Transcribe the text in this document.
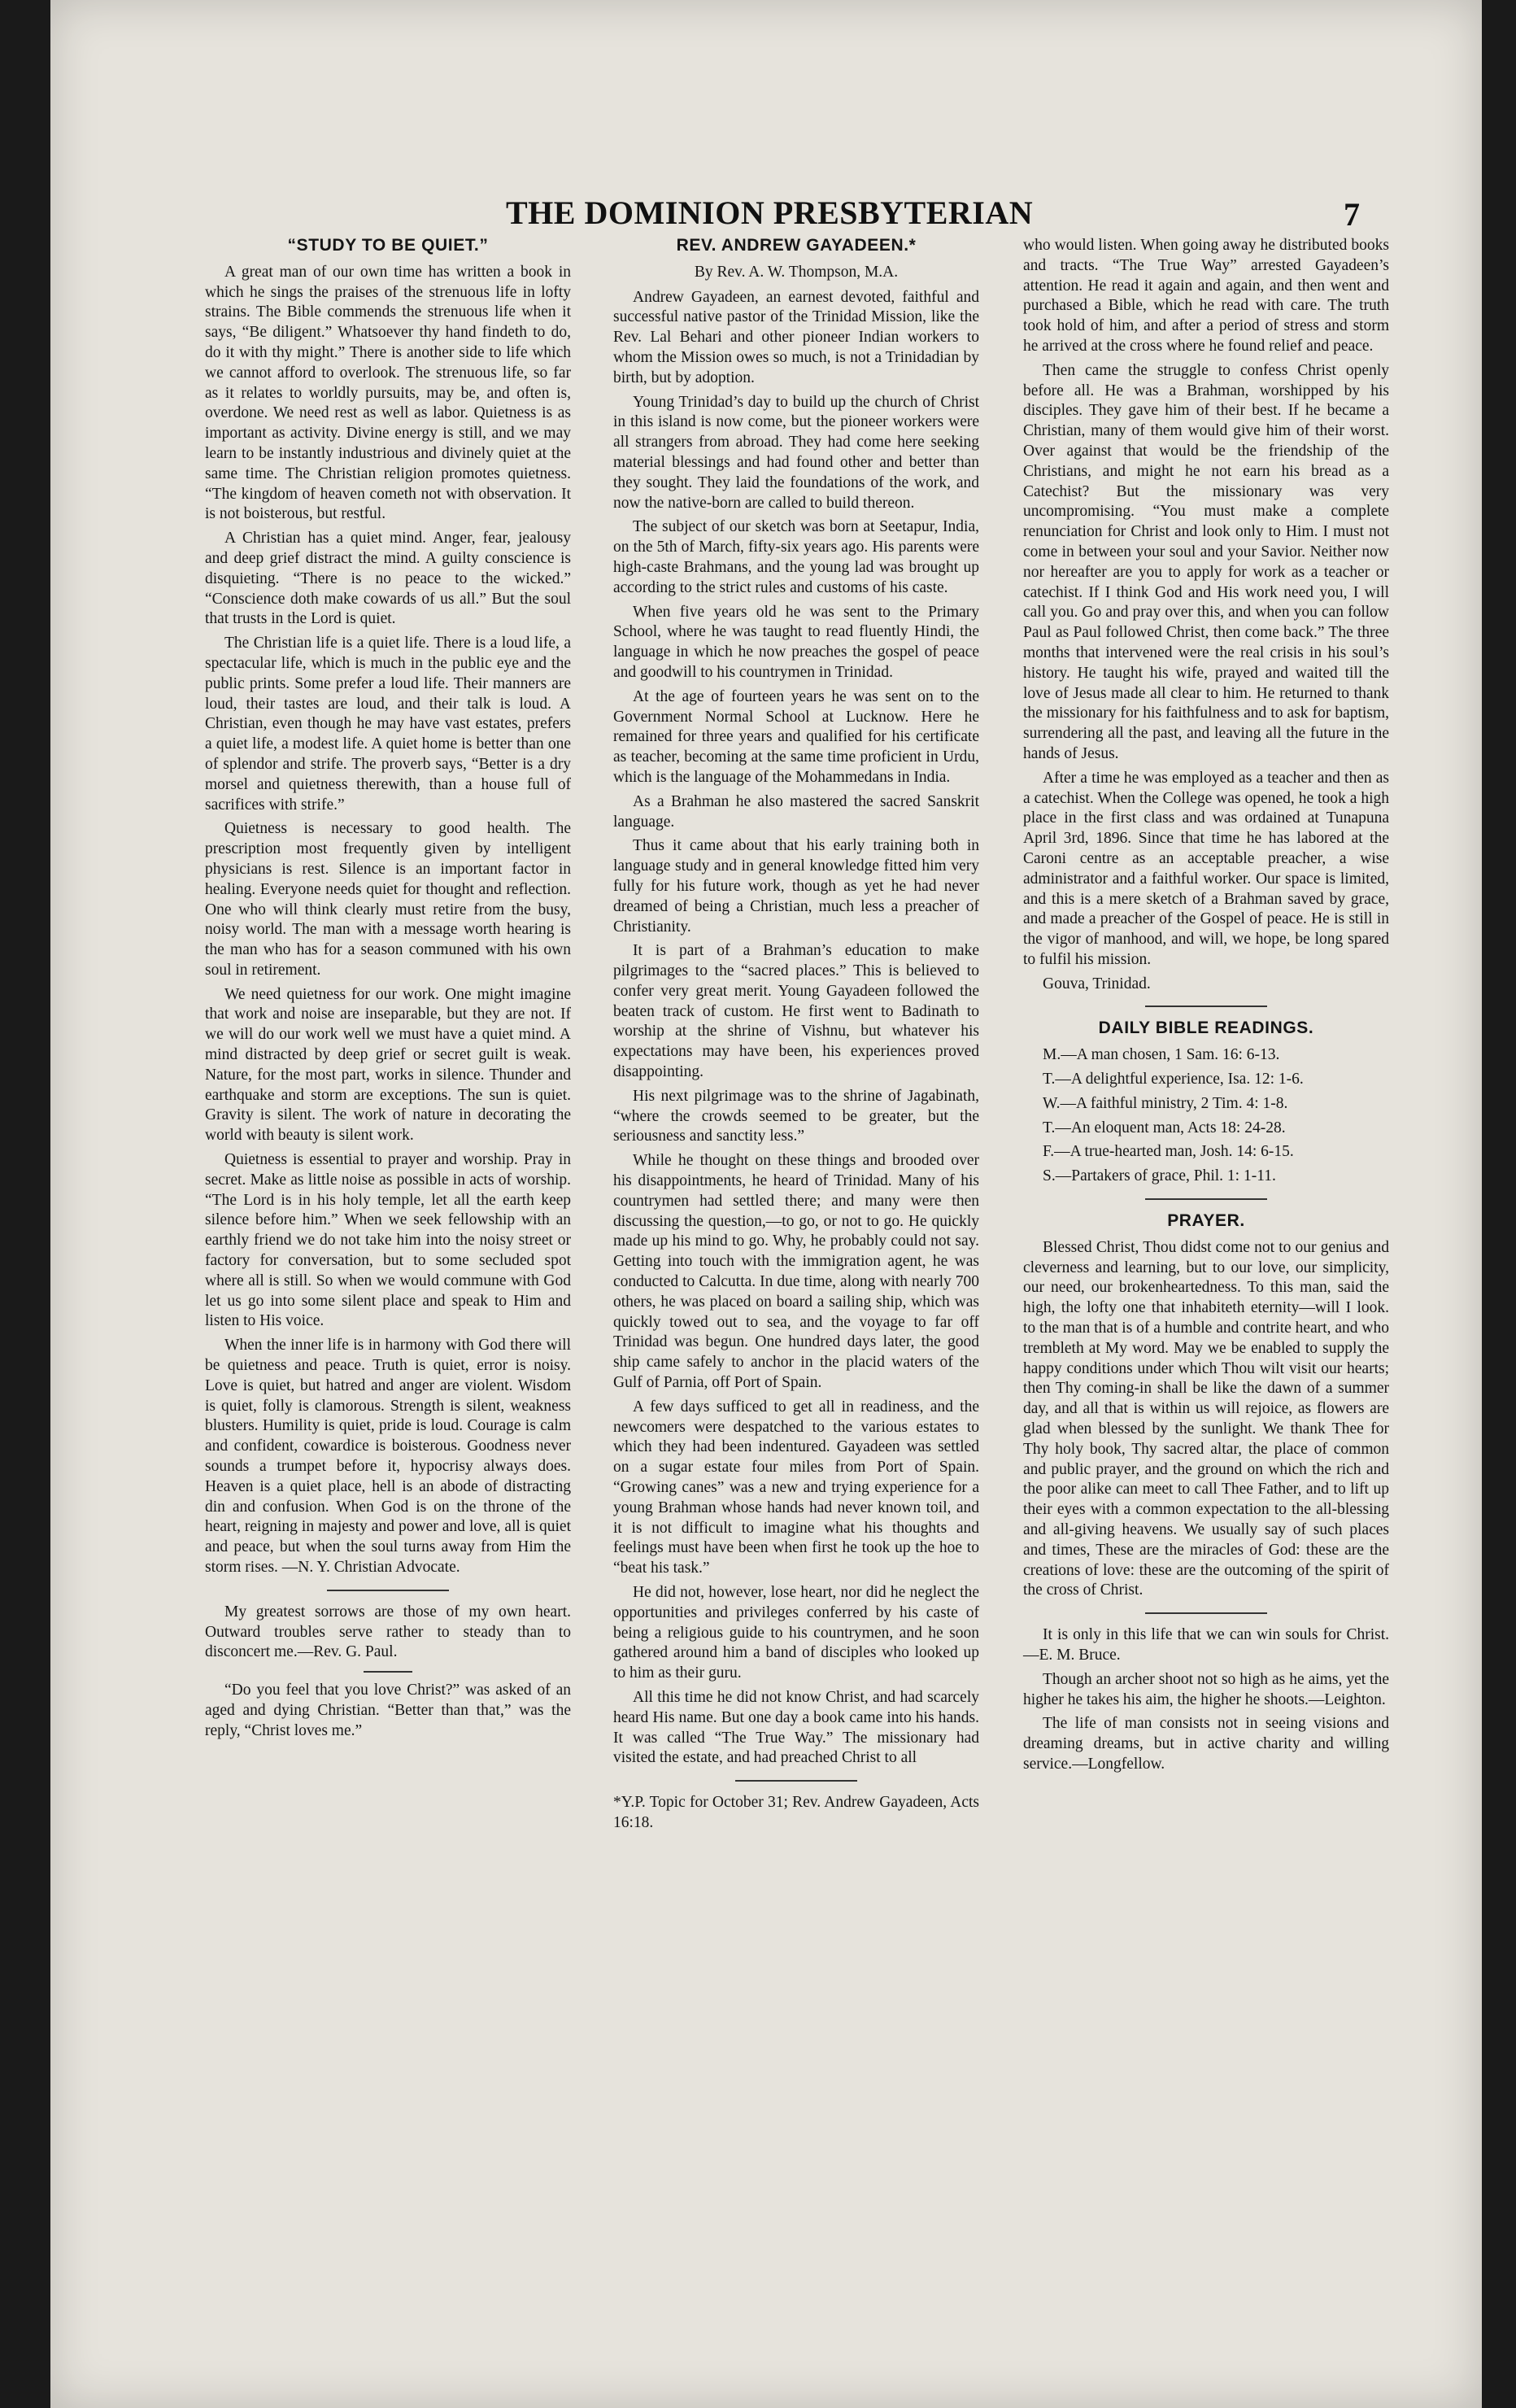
THE DOMINION PRESBYTERIAN	7
“STUDY TO BE QUIET.”

A great man of our own time has written a book in which he sings the praises of the strenuous life in lofty strains. The Bible commends the strenuous life when it says, “Be diligent.” Whatsoever thy hand findeth to do, do it with thy might.” There is another side to life which we cannot afford to overlook. The strenuous life, so far as it relates to worldly pursuits, may be, and often is, overdone. We need rest as well as labor. Quietness is as important as activity. Divine energy is still, and we may learn to be instantly industrious and divinely quiet at the same time. The Christian religion promotes quietness. “The kingdom of heaven cometh not with observation. It is not boisterous, but restful.

A Christian has a quiet mind. Anger, fear, jealousy and deep grief distract the mind. A guilty conscience is disquieting. “There is no peace to the wicked.” “Conscience doth make cowards of us all.” But the soul that trusts in the Lord is quiet.

The Christian life is a quiet life. There is a loud life, a spectacular life, which is much in the public eye and the public prints. Some prefer a loud life. Their manners are loud, their tastes are loud, and their talk is loud. A Christian, even though he may have vast estates, prefers a quiet life, a modest life. A quiet home is better than one of splendor and strife. The proverb says, “Better is a dry morsel and quietness therewith, than a house full of sacrifices with strife.”

Quietness is necessary to good health. The prescription most frequently given by intelligent physicians is rest. Silence is an important factor in healing. Everyone needs quiet for thought and reflection. One who will think clearly must retire from the busy, noisy world. The man with a message worth hearing is the man who has for a season communed with his own soul in retirement.

We need quietness for our work. One might imagine that work and noise are inseparable, but they are not. If we will do our work well we must have a quiet mind. A mind distracted by deep grief or secret guilt is weak. Nature, for the most part, works in silence. Thunder and earthquake and storm are exceptions. The sun is quiet. Gravity is silent. The work of nature in decorating the world with beauty is silent work.

Quietness is essential to prayer and worship. Pray in secret. Make as little noise as possible in acts of worship. “The Lord is in his holy temple, let all the earth keep silence before him.” When we seek fellowship with an earthly friend we do not take him into the noisy street or factory for conversation, but to some secluded spot where all is still. So when we would commune with God let us go into some silent place and speak to Him and listen to His voice.

When the inner life is in harmony with God there will be quietness and peace. Truth is quiet, error is noisy. Love is quiet, but hatred and anger are violent. Wisdom is quiet, folly is clamorous. Strength is silent, weakness blusters. Humility is quiet, pride is loud. Courage is calm and confident, cowardice is boisterous. Goodness never sounds a trumpet before it, hypocrisy always does. Heaven is a quiet place, hell is an abode of distracting din and confusion. When God is on the throne of the heart, reigning in majesty and power and love, all is quiet and peace, but when the soul turns away from Him the storm rises. —N. Y. Christian Advocate.

My greatest sorrows are those of my own heart. Outward troubles serve rather to steady than to disconcert me.—Rev. G. Paul.

“Do you feel that you love Christ?” was asked of an aged and dying Christian. “Better than that,” was the reply, “Christ loves me.”

REV. ANDREW GAYADEEN.*

By Rev. A. W. Thompson, M.A.

Andrew Gayadeen, an earnest devoted, faithful and successful native pastor of the Trinidad Mission, like the Rev. Lal Behari and other pioneer Indian workers to whom the Mission owes so much, is not a Trinidadian by birth, but by adoption.

Young Trinidad’s day to build up the church of Christ in this island is now come, but the pioneer workers were all strangers from abroad. They had come here seeking material blessings and had found other and better than they sought. They laid the foundations of the work, and now the native-born are called to build thereon.

The subject of our sketch was born at Seetapur, India, on the 5th of March, fifty-six years ago. His parents were high-caste Brahmans, and the young lad was brought up according to the strict rules and customs of his caste.

When five years old he was sent to the Primary School, where he was taught to read fluently Hindi, the language in which he now preaches the gospel of peace and goodwill to his countrymen in Trinidad.

At the age of fourteen years he was sent on to the Government Normal School at Lucknow. Here he remained for three years and qualified for his certificate as teacher, becoming at the same time proficient in Urdu, which is the language of the Mohammedans in India.

As a Brahman he also mastered the sacred Sanskrit language.

Thus it came about that his early training both in language study and in general knowledge fitted him very fully for his future work, though as yet he had never dreamed of being a Christian, much less a preacher of Christianity.

It is part of a Brahman’s education to make pilgrimages to the “sacred places.” This is believed to confer very great merit. Young Gayadeen followed the beaten track of custom. He first went to Badinath to worship at the shrine of Vishnu, but whatever his expectations may have been, his experiences proved disappointing.

His next pilgrimage was to the shrine of Jagabinath, “where the crowds seemed to be greater, but the seriousness and sanctity less.”

While he thought on these things and brooded over his disappointments, he heard of Trinidad. Many of his countrymen had settled there; and many were then discussing the question,—to go, or not to go. He quickly made up his mind to go. Why, he probably could not say. Getting into touch with the immigration agent, he was conducted to Calcutta. In due time, along with nearly 700 others, he was placed on board a sailing ship, which was quickly towed out to sea, and the voyage to far off Trinidad was begun. One hundred days later, the good ship came safely to anchor in the placid waters of the Gulf of Parnia, off Port of Spain.

A few days sufficed to get all in readiness, and the newcomers were despatched to the various estates to which they had been indentured. Gayadeen was settled on a sugar estate four miles from Port of Spain. “Growing canes” was a new and trying experience for a young Brahman whose hands had never known toil, and it is not difficult to imagine what his thoughts and feelings must have been when first he took up the hoe to “beat his task.”

He did not, however, lose heart, nor did he neglect the opportunities and privileges conferred by his caste of being a religious guide to his countrymen, and he soon gathered around him a band of disciples who looked up to him as their guru.

All this time he did not know Christ, and had scarcely heard His name. But one day a book came into his hands. It was called “The True Way.” The missionary had visited the estate, and had preached Christ to all

*Y.P. Topic for October 31; Rev. Andrew Gayadeen, Acts 16:18.

who would listen. When going away he distributed books and tracts. “The True Way” arrested Gayadeen’s attention. He read it again and again, and then went and purchased a Bible, which he read with care. The truth took hold of him, and after a period of stress and storm he arrived at the cross where he found relief and peace.

Then came the struggle to confess Christ openly before all. He was a Brahman, worshipped by his disciples. They gave him of their best. If he became a Christian, many of them would give him of their worst. Over against that would be the friendship of the Christians, and might he not earn his bread as a Catechist? But the missionary was very uncompromising. “You must make a complete renunciation for Christ and look only to Him. I must not come in between your soul and your Savior. Neither now nor hereafter are you to apply for work as a teacher or catechist. If I think God and His work need you, I will call you. Go and pray over this, and when you can follow Paul as Paul followed Christ, then come back.” The three months that intervened were the real crisis in his soul’s history. He taught his wife, prayed and waited till the love of Jesus made all clear to him. He returned to thank the missionary for his faithfulness and to ask for baptism, surrendering all the past, and leaving all the future in the hands of Jesus.

After a time he was employed as a teacher and then as a catechist. When the College was opened, he took a high place in the first class and was ordained at Tunapuna April 3rd, 1896. Since that time he has labored at the Caroni centre as an acceptable preacher, a wise administrator and a faithful worker. Our space is limited, and this is a mere sketch of a Brahman saved by grace, and made a preacher of the Gospel of peace. He is still in the vigor of manhood, and will, we hope, be long spared to fulfil his mission.

Gouva, Trinidad.

DAILY BIBLE READINGS.

M.—A man chosen, 1 Sam. 16: 6-13.

T.—A delightful experience, Isa. 12: 1-6.

W.—A faithful ministry, 2 Tim. 4: 1-8.

T.—An eloquent man, Acts 18: 24-28.

F.—A true-hearted man, Josh. 14: 6-15.

S.—Partakers of grace, Phil. 1: 1-11.

PRAYER.

Blessed Christ, Thou didst come not to our genius and cleverness and learning, but to our love, our simplicity, our need, our brokenheartedness. To this man, said the high, the lofty one that inhabiteth eternity—will I look. to the man that is of a humble and contrite heart, and who trembleth at My word. May we be enabled to supply the happy conditions under which Thou wilt visit our hearts; then Thy coming-in shall be like the dawn of a summer day, and all that is within us will rejoice, as flowers are glad when blessed by the sunlight. We thank Thee for Thy holy book, Thy sacred altar, the place of common and public prayer, and the ground on which the rich and the poor alike can meet to call Thee Father, and to lift up their eyes with a common expectation to the all-blessing and all-giving heavens. We usually say of such places and times, These are the miracles of God: these are the creations of love: these are the outcoming of the spirit of the cross of Christ.

It is only in this life that we can win souls for Christ.—E. M. Bruce.

Though an archer shoot not so high as he aims, yet the higher he takes his aim, the higher he shoots.—Leighton.

The life of man consists not in seeing visions and dreaming dreams, but in active charity and willing service.—Longfellow.
